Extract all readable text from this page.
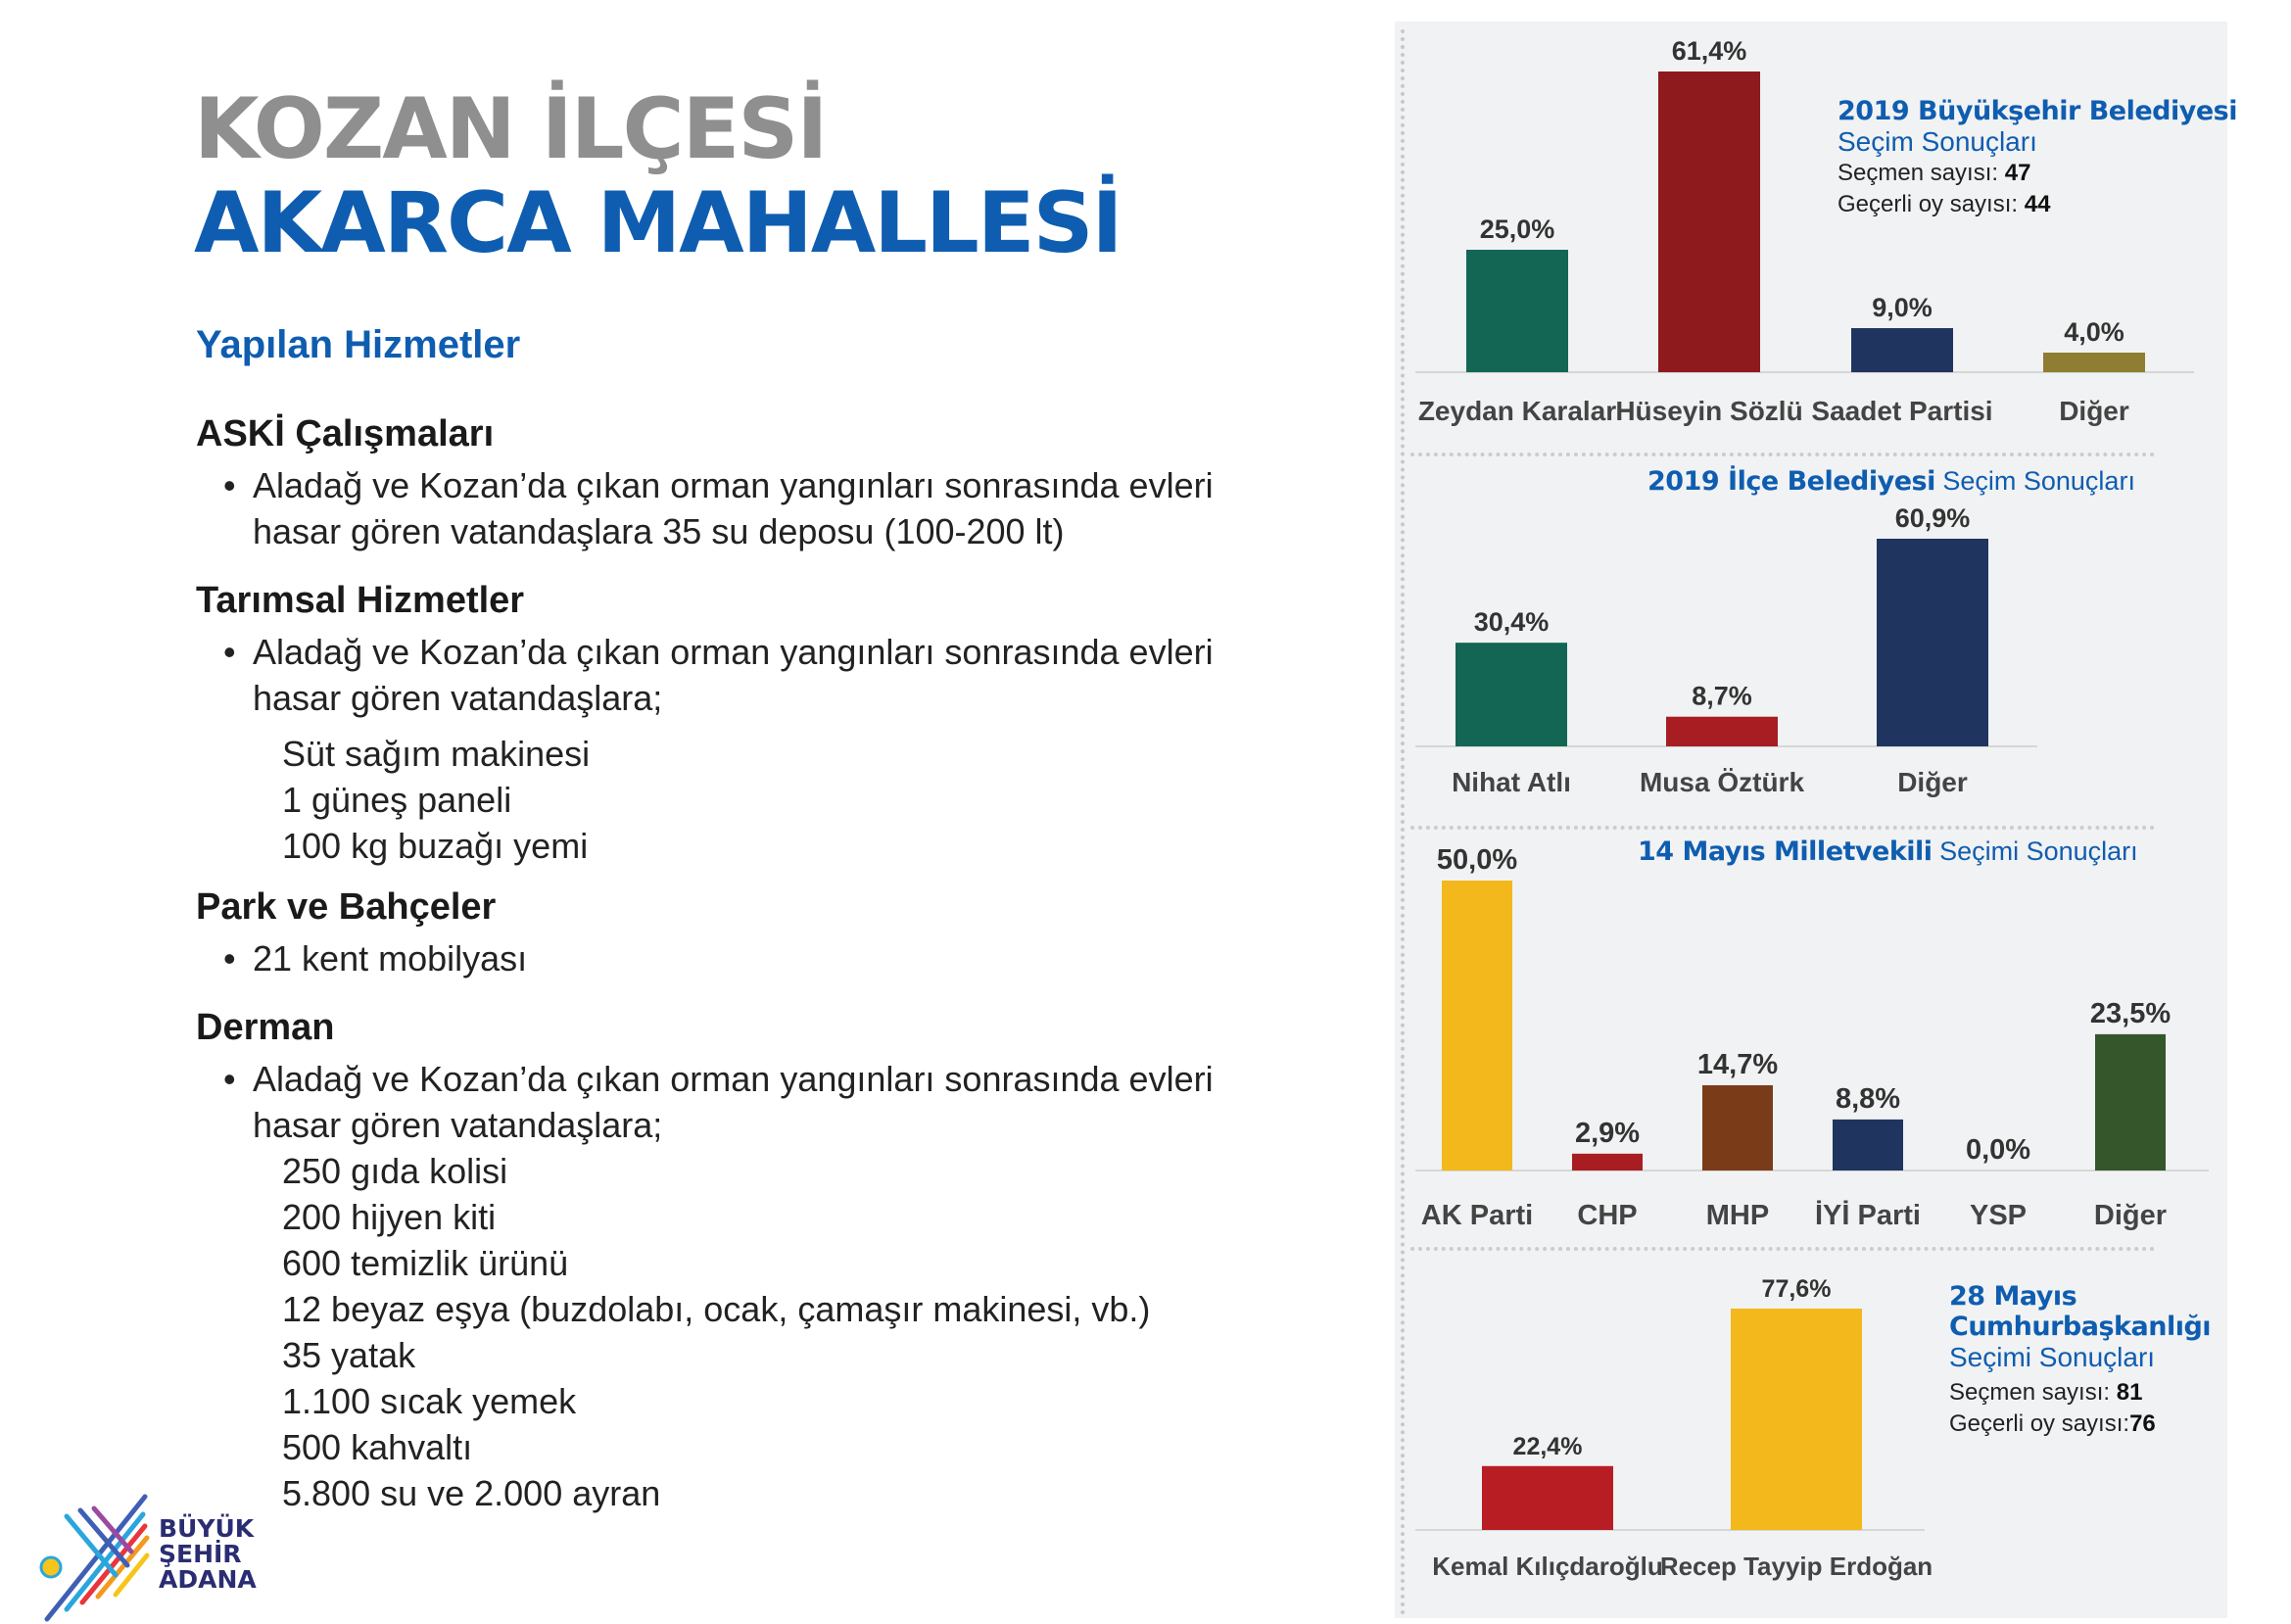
KOZAN İLÇESİ
AKARCA MAHALLESİ
Yapılan Hizmetler
ASKİ Çalışmaları
• Aladağ ve Kozan’da çıkan orman yangınları sonrasında evleri
hasar gören vatandaşlara 35 su deposu (100-200 lt)
Tarımsal Hizmetler
• Aladağ ve Kozan’da çıkan orman yangınları sonrasında evleri
hasar gören vatandaşlara;
Süt sağım makinesi
1 güneş paneli
100 kg buzağı yemi
Park ve Bahçeler
• 21 kent mobilyası
Derman
• Aladağ ve Kozan’da çıkan orman yangınları sonrasında evleri
hasar gören vatandaşlara;
250 gıda kolisi
200 hijyen kiti
600 temizlik ürünü
12 beyaz eşya (buzdolabı, ocak, çamaşır makinesi, vb.)
35 yatak
1.100 sıcak yemek
500 kahvaltı
5.800 su ve 2.000 ayran
BÜYÜK
ŞEHİR
ADANA
2019 Büyükşehir Belediyesi
Seçim Sonuçları
Seçmen sayısı: 47
Geçerli oy sayısı: 44
2019 İlçe Belediyesi Seçim Sonuçları
14 Mayıs Milletvekili Seçimi Sonuçları
28 Mayıs
Cumhurbaşkanlığı
Seçimi Sonuçları
Seçmen sayısı: 81
Geçerli oy sayısı:76
25,0%
Zeydan Karalar
61,4%
Hüseyin Sözlü
9,0%
Saadet Partisi
4,0%
Diğer
30,4%
Nihat Atlı
8,7%
Musa Öztürk
60,9%
Diğer
50,0%
AK Parti
2,9%
CHP
14,7%
MHP
8,8%
İYİ Parti
0,0%
YSP
23,5%
Diğer
22,4%
Kemal Kılıçdaroğlu
77,6%
Recep Tayyip Erdoğan
